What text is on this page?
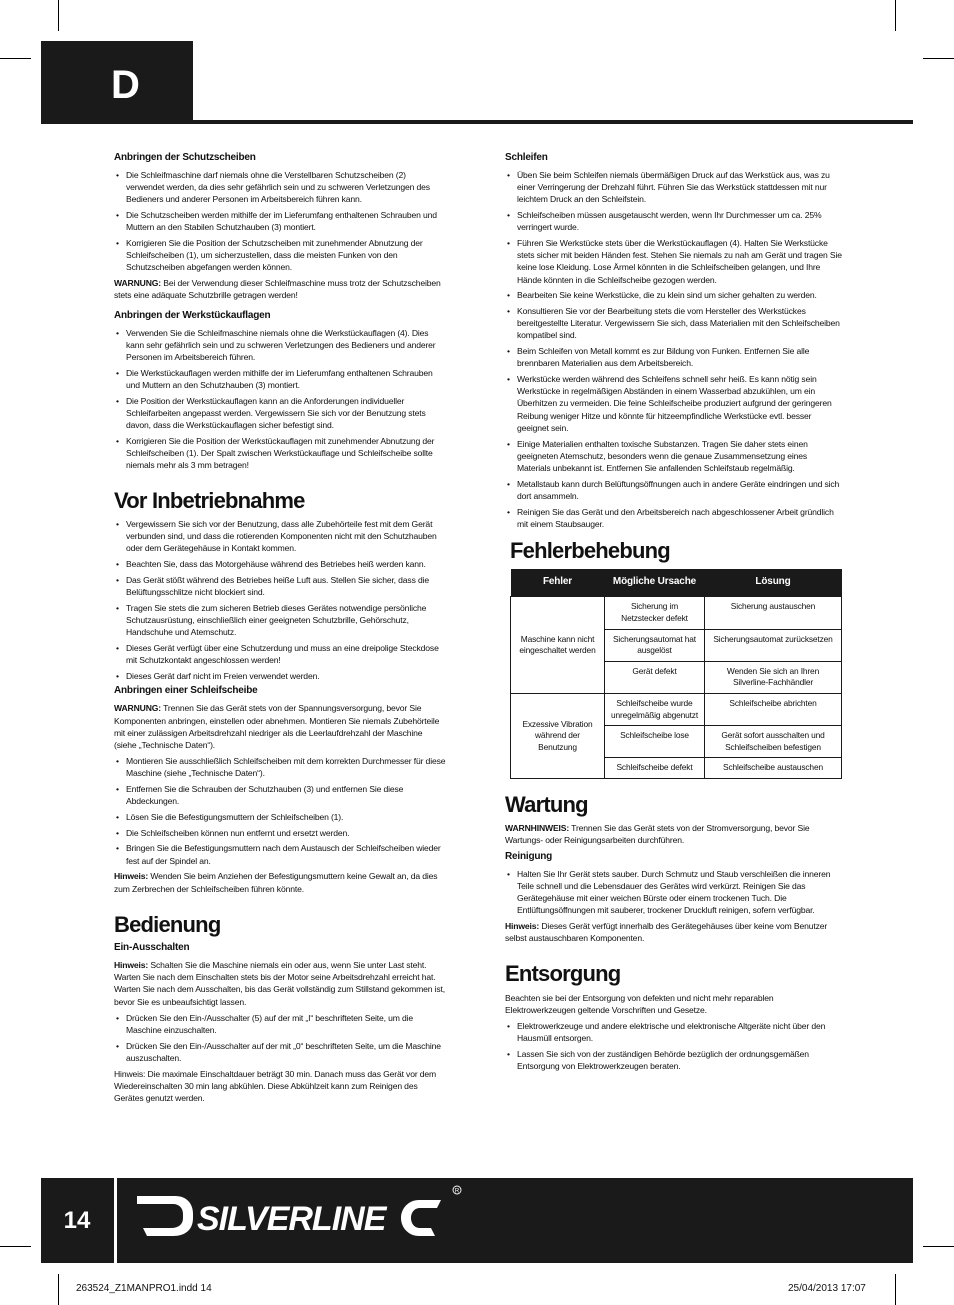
D
Anbringen der Schutzscheiben
• Die Schleifmaschine darf niemals ohne die Verstellbaren Schutzscheiben (2) verwendet werden, da dies sehr gefährlich sein und zu schweren Verletzungen des Bedieners und anderer Personen im Arbeitsbereich führen kann.
• Die Schutzscheiben werden mithilfe der im Lieferumfang enthaltenen Schrauben und Muttern an den Stabilen Schutzhauben (3) montiert.
• Korrigieren Sie die Position der Schutzscheiben mit zunehmender Abnutzung der Schleifscheiben (1), um sicherzustellen, dass die meisten Funken von den Schutzscheiben abgefangen werden können.

WARNUNG: Bei der Verwendung dieser Schleifmaschine muss trotz der Schutzscheiben stets eine adäquate Schutzbrille getragen werden!

Anbringen der Werkstückauflagen
• Verwenden Sie die Schleifmaschine niemals ohne die Werkstückauflagen (4). Dies kann sehr gefährlich sein und zu schweren Verletzungen des Bedieners und anderer Personen im Arbeitsbereich führen.
• Die Werkstückauflagen werden mithilfe der im Lieferumfang enthaltenen Schrauben und Muttern an den Schutzhauben (3) montiert.
• Die Position der Werkstückauflagen kann an die Anforderungen individueller Schleifarbeiten angepasst werden. Vergewissern Sie sich vor der Benutzung stets davon, dass die Werkstückauflagen sicher befestigt sind.
• Korrigieren Sie die Position der Werkstückauflagen mit zunehmender Abnutzung der Schleifscheiben (1). Der Spalt zwischen Werkstückauflage und Schleifscheibe sollte niemals mehr als 3 mm betragen!
Vor Inbetriebnahme
• Vergewissern Sie sich vor der Benutzung, dass alle Zubehörteile fest mit dem Gerät verbunden sind, und dass die rotierenden Komponenten nicht mit den Schutzhauben oder dem Gerätegehäuse in Kontakt kommen.
• Beachten Sie, dass das Motorgehäuse während des Betriebes heiß werden kann.
• Das Gerät stößt während des Betriebes heiße Luft aus. Stellen Sie sicher, dass die Belüftungsschlitze nicht blockiert sind.
• Tragen Sie stets die zum sicheren Betrieb dieses Gerätes notwendige persönliche Schutzausrüstung, einschließlich einer geeigneten Schutzbrille, Gehörschutz, Handschuhe und Atemschutz.
• Dieses Gerät verfügt über eine Schutzerdung und muss an eine dreipolige Steckdose mit Schutzkontakt angeschlossen werden!
• Dieses Gerät darf nicht im Freien verwendet werden.
Anbringen einer Schleifscheibe

WARNUNG: Trennen Sie das Gerät stets von der Spannungsversorgung, bevor Sie Komponenten anbringen, einstellen oder abnehmen. Montieren Sie niemals Zubehörteile mit einer zulässigen Arbeitsdrehzahl niedriger als die Leerlaufdrehzahl der Maschine (siehe „Technische Daten“).

• Montieren Sie ausschließlich Schleifscheiben mit dem korrekten Durchmesser für diese Maschine (siehe „Technische Daten“).
• Entfernen Sie die Schrauben der Schutzhauben (3) und entfernen Sie diese Abdeckungen.
• Lösen Sie die Befestigungsmuttern der Schleifscheiben (1).
• Die Schleifscheiben können nun entfernt und ersetzt werden.
• Bringen Sie die Befestigungsmuttern nach dem Austausch der Schleifscheiben wieder fest auf der Spindel an.

Hinweis: Wenden Sie beim Anziehen der Befestigungsmuttern keine Gewalt an, da dies zum Zerbrechen der Schleifscheiben führen könnte.

Bedienung
Ein-Ausschalten

Hinweis: Schalten Sie die Maschine niemals ein oder aus, wenn Sie unter Last steht. Warten Sie nach dem Einschalten stets bis der Motor seine Arbeitsdrehzahl erreicht hat. Warten Sie nach dem Ausschalten, bis das Gerät vollständig zum Stillstand gekommen ist, bevor Sie es unbeaufsichtigt lassen.

• Drücken Sie den Ein-/Ausschalter (5) auf der mit „I“ beschrifteten Seite, um die Maschine einzuschalten.
• Drücken Sie den Ein-/Ausschalter auf der mit „0“ beschrifteten Seite, um die Maschine auszuschalten.

Hinweis: Die maximale Einschaltdauer beträgt 30 min. Danach muss das Gerät vor dem Wiedereinschalten 30 min lang abkühlen. Diese Abkühlzeit kann zum Reinigen des Gerätes genutzt werden.

Schleifen
• Üben Sie beim Schleifen niemals übermäßigen Druck auf das Werkstück aus, was zu einer Verringerung der Drehzahl führt. Führen Sie das Werkstück stattdessen mit nur leichtem Druck an den Schleifstein.
• Schleifscheiben müssen ausgetauscht werden, wenn Ihr Durchmesser um ca. 25% verringert wurde.
• Führen Sie Werkstücke stets über die Werkstückauflagen (4). Halten Sie Werkstücke stets sicher mit beiden Händen fest. Stehen Sie niemals zu nah am Gerät und tragen Sie keine lose Kleidung. Lose Ärmel könnten in die Schleifscheiben gelangen, und Ihre Hände könnten in die Schleifscheibe gezogen werden.
• Bearbeiten Sie keine Werkstücke, die zu klein sind um sicher gehalten zu werden.
• Konsultieren Sie vor der Bearbeitung stets die vom Hersteller des Werkstückes bereitgestellte Literatur. Vergewissern Sie sich, dass Materialien mit den Schleifscheiben kompatibel sind.
• Beim Schleifen von Metall kommt es zur Bildung von Funken. Entfernen Sie alle brennbaren Materialien aus dem Arbeitsbereich.
• Werkstücke werden während des Schleifens schnell sehr heiß. Es kann nötig sein Werkstücke in regelmäßigen Abständen in einem Wasserbad abzukühlen, um ein Überhitzen zu vermeiden. Die feine Schleifscheibe produziert aufgrund der geringeren Reibung weniger Hitze und könnte für hitzeempfindliche Werkstücke evtl. besser geeignet sein.
• Einige Materialien enthalten toxische Substanzen. Tragen Sie daher stets einen geeigneten Atemschutz, besonders wenn die genaue Zusammensetzung eines Materials unbekannt ist. Entfernen Sie anfallenden Schleifstaub regelmäßig.
• Metallstaub kann durch Belüftungsöffnungen auch in andere Geräte eindringen und sich dort ansammeln.
• Reinigen Sie das Gerät und den Arbeitsbereich nach abgeschlossener Arbeit gründlich mit einem Staubsauger.
Fehlerbehebung
Fehler	Mögliche Ursache	Lösung
Maschine kann nicht eingeschaltet werden	Sicherung im Netzstecker defekt	Sicherung austauschen
	Sicherungsautomat hat ausgelöst	Sicherungsautomat zurücksetzen
	Gerät defekt	Wenden Sie sich an Ihren Silverline-Fachhändler
Exzessive Vibration während der Benutzung	Schleifscheibe wurde unregelmäßig abgenutzt	Schleifscheibe abrichten
	Schleifscheibe lose	Gerät sofort ausschalten und Schleifscheiben befestigen
	Schleifscheibe defekt	Schleifscheibe austauschen
Wartung

WARNHINWEIS: Trennen Sie das Gerät stets von der Stromversorgung, bevor Sie Wartungs- oder Reinigungsarbeiten durchführen.

Reinigung
• Halten Sie Ihr Gerät stets sauber. Durch Schmutz und Staub verschleißen die inneren Teile schnell und die Lebensdauer des Gerätes wird verkürzt. Reinigen Sie das Gerätegehäuse mit einer weichen Bürste oder einem trockenen Tuch. Die Entlüftungsöffnungen mit sauberer, trockener Druckluft reinigen, sofern verfügbar.

Hinweis: Dieses Gerät verfügt innerhalb des Gerätegehäuses über keine vom Benutzer selbst austauschbaren Komponenten.

Entsorgung

Beachten sie bei der Entsorgung von defekten und nicht mehr reparablen Elektrowerkzeugen geltende Vorschriften und Gesetze.

• Elektrowerkzeuge und andere elektrische und elektronische Altgeräte nicht über den Hausmüll entsorgen.
• Lassen Sie sich von der zuständigen Behörde bezüglich der ordnungsgemäßen Entsorgung von Elektrowerkzeugen beraten.
14	SILVERLINE
R
263524_Z1MANPRO1.indd 14	25/04/2013 17:07
